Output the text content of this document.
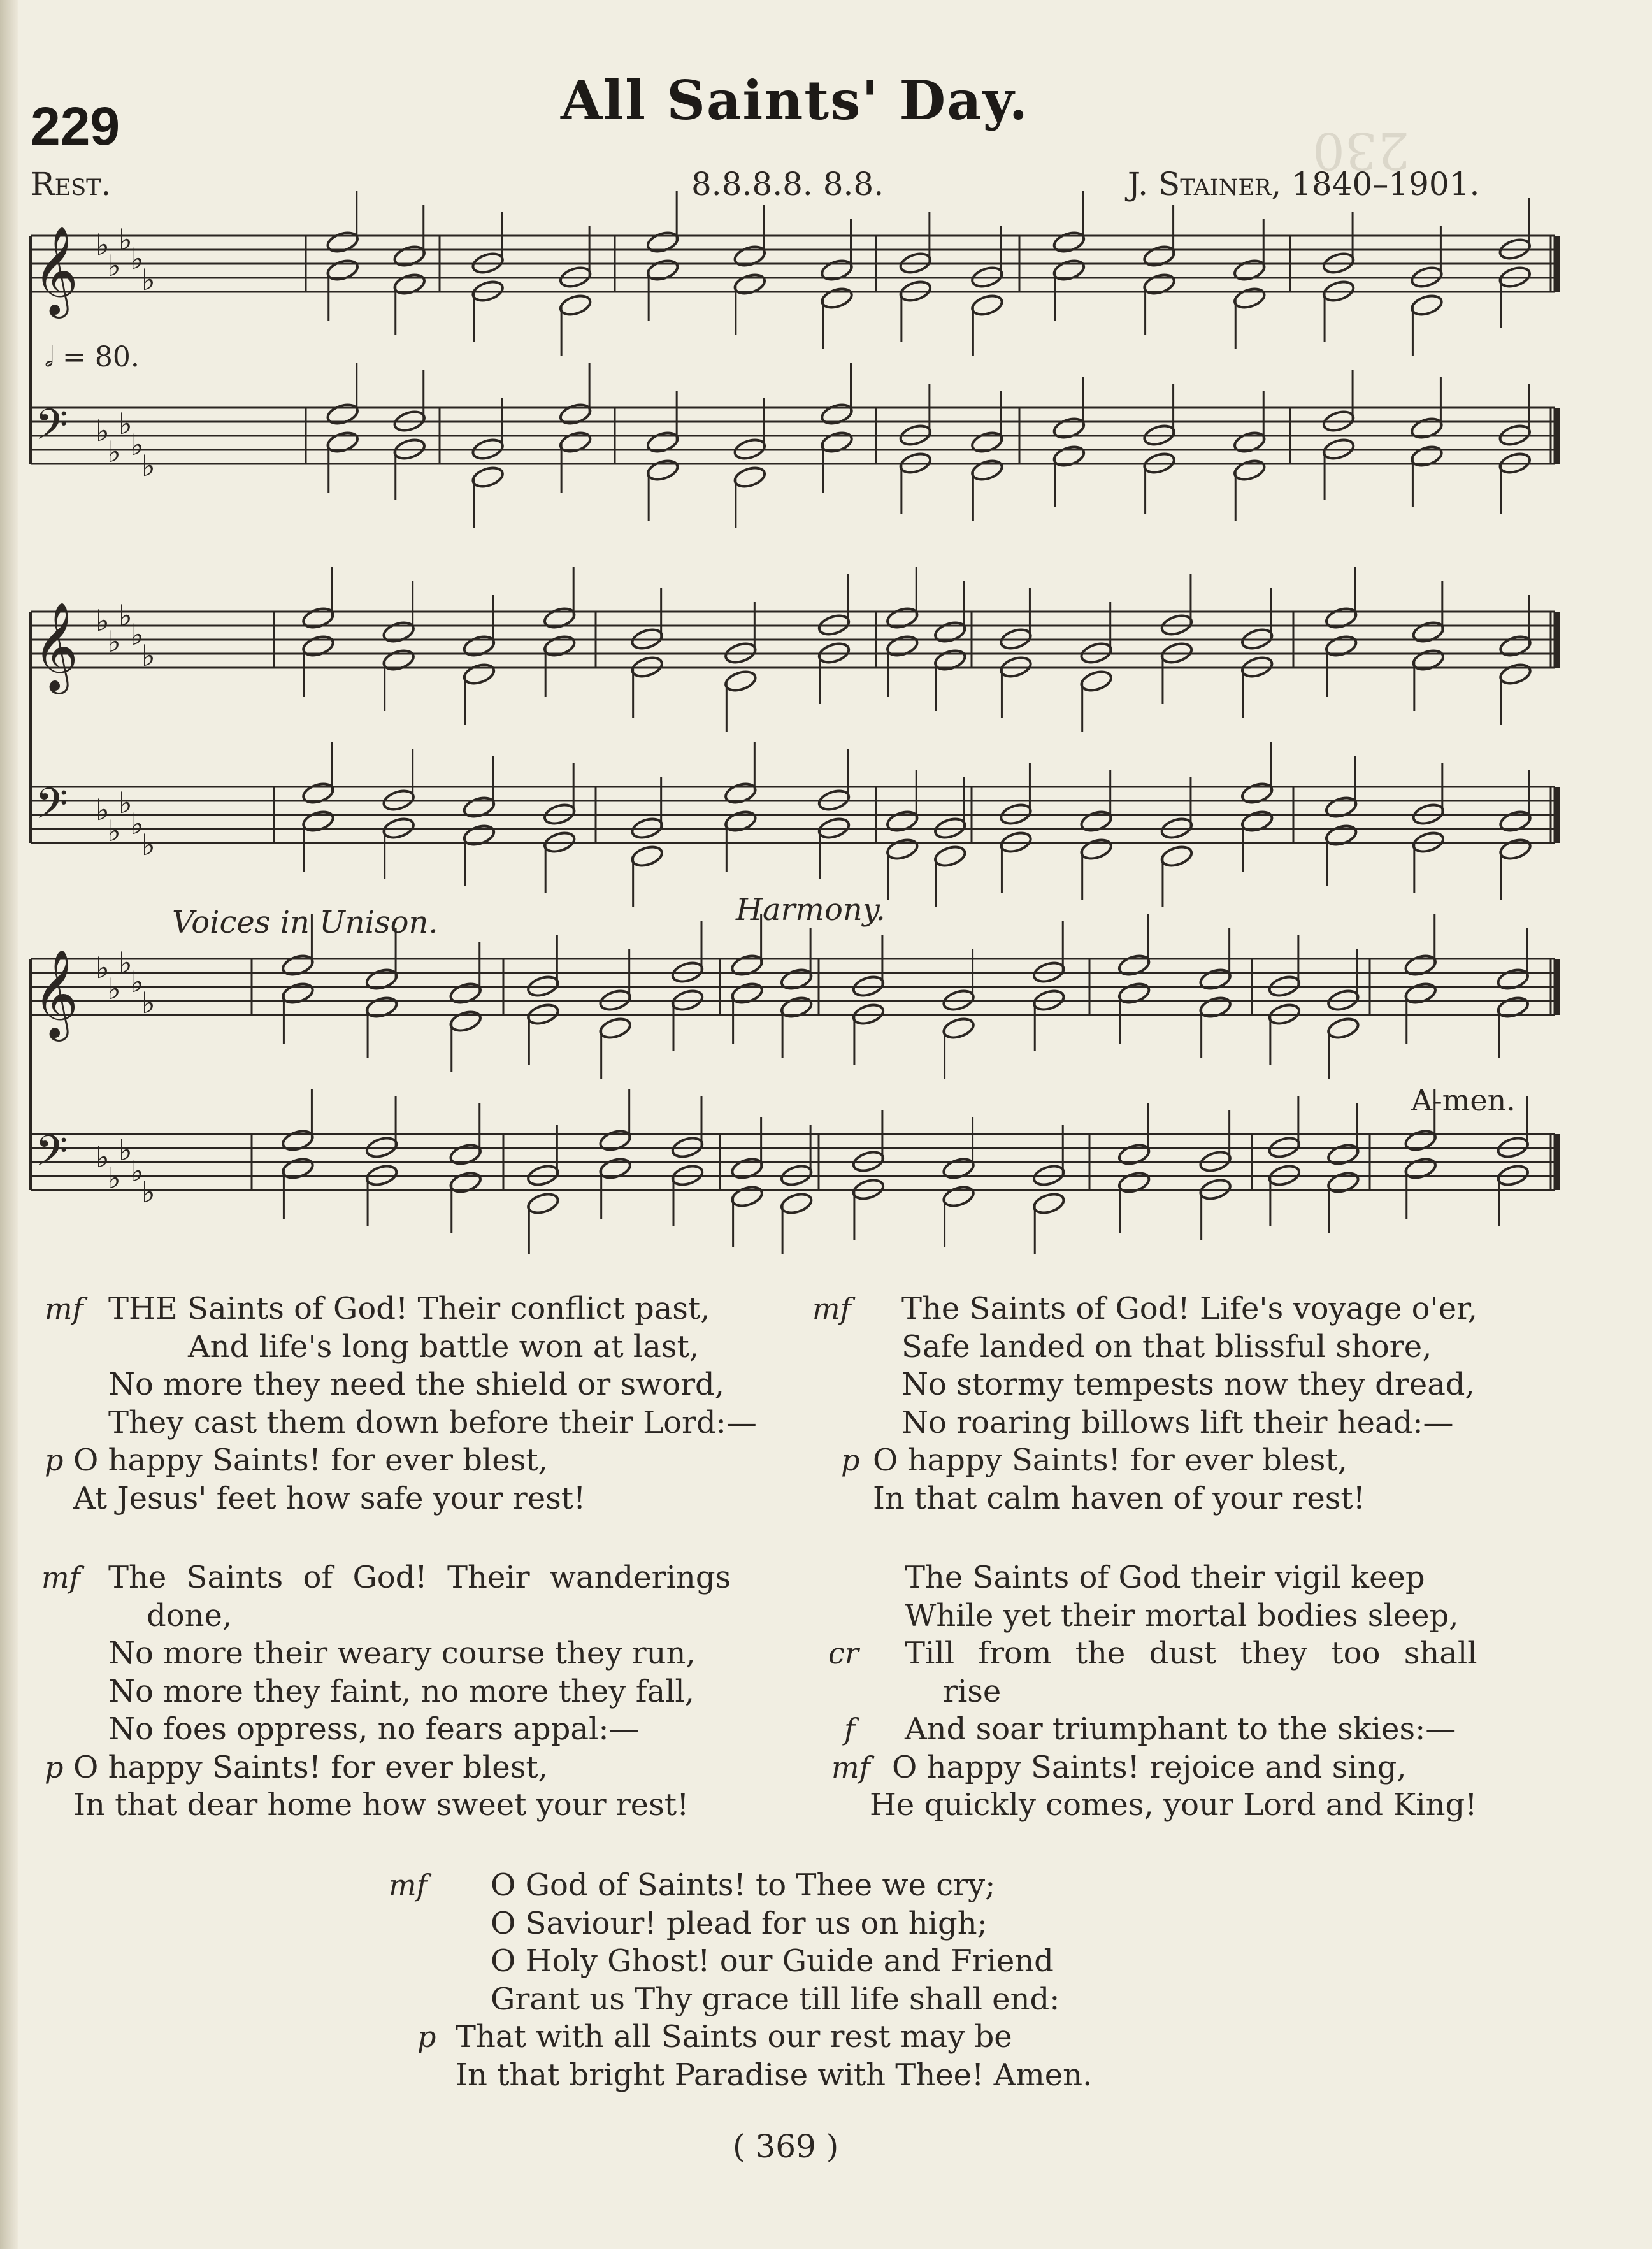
230
229	All Saints' Day.
Rest.	8.8.8.8. 8.8.	J. Stainer, 1840–1901.
𝄞
𝄢
♭
♭
♭
♭
♭
♭
♭
♭
♭
♭
𝄞
𝄢
♭
♭
♭
♭
♭
♭
♭
♭
♭
♭
𝄞
𝄢
♭
♭
♭
♭
♭
♭
♭
♭
♭
♭
𝅗𝅥 = 80.
Voices in Unison.	Harmony.
A-men.
mf THE Saints of God! Their conflict past,
And life's long battle won at last,
No more they need the shield or sword,
They cast them down before their Lord:—
p O happy Saints! for ever blest,
At Jesus' feet how safe your rest!
mf The Saints of God! Life's voyage o'er,
Safe landed on that blissful shore,
No stormy tempests now they dread,
No roaring billows lift their head:—
p O happy Saints! for ever blest,
In that calm haven of your rest!
mf The Saints of God! Their wanderings
done,
No more their weary course they run,
No more they faint, no more they fall,
No foes oppress, no fears appal:—
p O happy Saints! for ever blest,
In that dear home how sweet your rest!
The Saints of God their vigil keep
While yet their mortal bodies sleep,
cr Till from the dust they too shall
rise
f And soar triumphant to the skies:—
mf O happy Saints! rejoice and sing,
He quickly comes, your Lord and King!
mf O God of Saints! to Thee we cry;
O Saviour! plead for us on high;
O Holy Ghost! our Guide and Friend
Grant us Thy grace till life shall end:
p That with all Saints our rest may be
In that bright Paradise with Thee! Amen.
( 369 )
